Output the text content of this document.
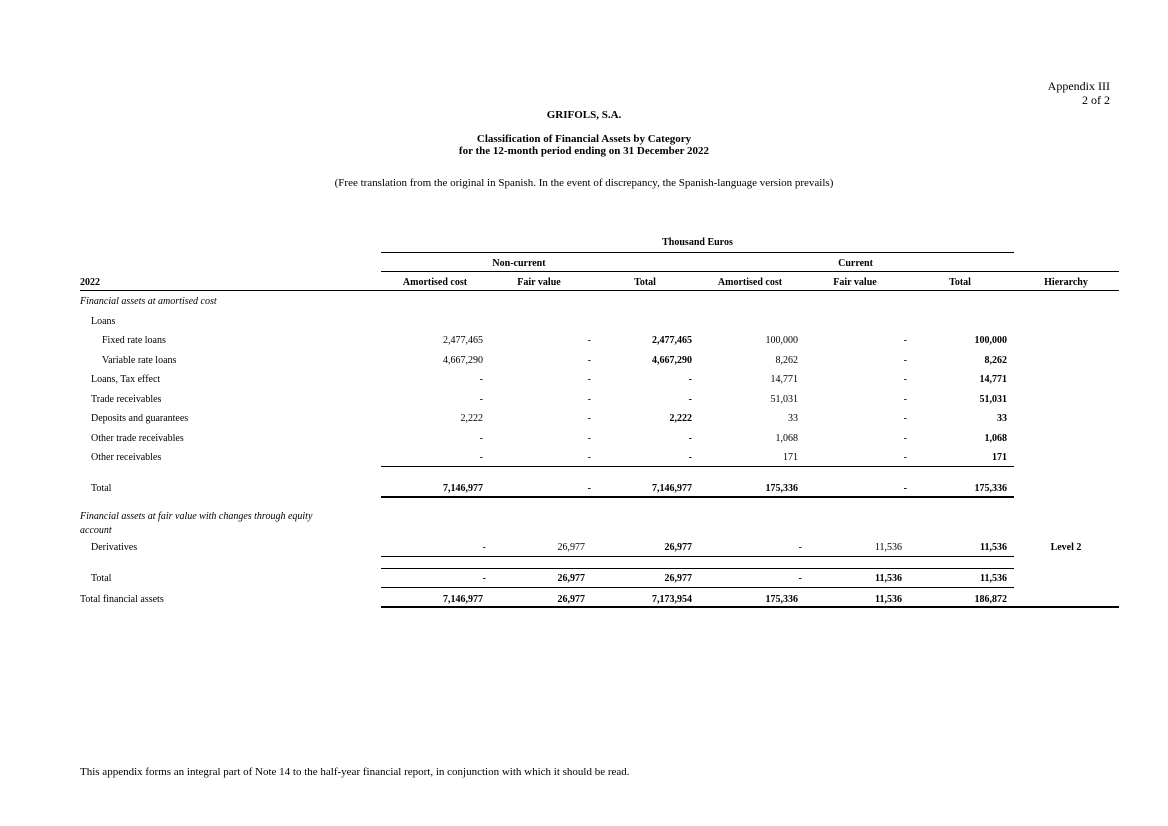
Appendix III
2 of 2
GRIFOLS, S.A.
Classification of Financial Assets by Category
for the 12-month period ending on 31 December 2022
(Free translation from the original in Spanish. In the event of discrepancy, the Spanish-language version prevails)
Thousand Euros
Non-current	Current
2022	Amortised cost	Fair value	Total	Amortised cost	Fair value	Total	Hierarchy
Financial assets at amortised cost
Loans
Fixed rate loans	2,477,465	-	2,477,465	100,000	-	100,000
Variable rate loans	4,667,290	-	4,667,290	8,262	-	8,262
Loans, Tax effect	-	-	-	14,771	-	14,771
Trade receivables	-	-	-	51,031	-	51,031
Deposits and guarantees	2,222	-	2,222	33	-	33
Other trade receivables	-	-	-	1,068	-	1,068
Other receivables	-	-	-	171	-	171
Total	7,146,977	-	7,146,977	175,336	-	175,336
Financial assets at fair value with changes through equity
account
Derivatives	-	26,977	26,977	-	11,536	11,536	Level 2
Total	-	26,977	26,977	-	11,536	11,536
Total financial assets	7,146,977	26,977	7,173,954	175,336	11,536	186,872
This appendix forms an integral part of Note 14 to the half-year financial report, in conjunction with which it should be read.
